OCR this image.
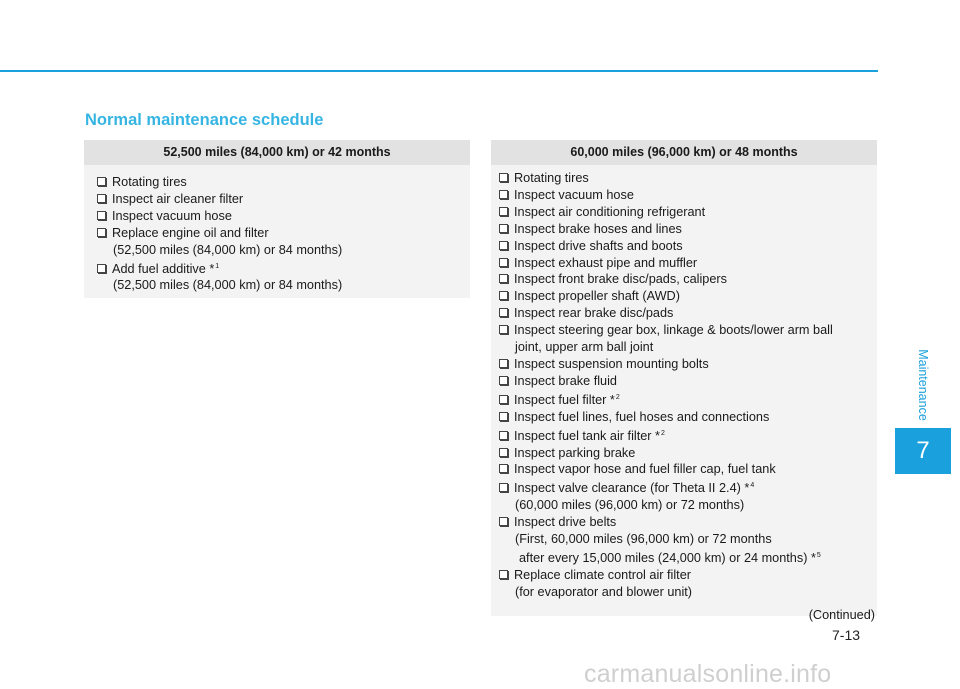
Normal maintenance schedule
52,500 miles (84,000 km) or 42 months
Rotating tires
Inspect air cleaner filter
Inspect vacuum hose
Replace engine oil and filter
(52,500 miles (84,000 km) or 84 months)
Add fuel additive *$^1$
(52,500 miles (84,000 km) or 84 months)
60,000 miles (96,000 km) or 48 months
Rotating tires
Inspect vacuum hose
Inspect air conditioning refrigerant
Inspect brake hoses and lines
Inspect drive shafts and boots
Inspect exhaust pipe and muffler
Inspect front brake disc/pads, calipers
Inspect propeller shaft (AWD)
Inspect rear brake disc/pads
Inspect steering gear box, linkage & boots/lower arm ball
joint, upper arm ball joint
Inspect suspension mounting bolts
Inspect brake fluid
Inspect fuel filter *$^2$
Inspect fuel lines, fuel hoses and connections
Inspect fuel tank air filter *$^2$
Inspect parking brake
Inspect vapor hose and fuel filler cap, fuel tank
Inspect valve clearance (for Theta II 2.4) *$^4$
(60,000 miles (96,000 km) or 72 months)
Inspect drive belts
(First, 60,000 miles (96,000 km) or 72 months
after every 15,000 miles (24,000 km) or 24 months) *$^5$
Replace climate control air filter
(for evaporator and blower unit)
(Continued)
Maintenance
7
7-13
carmanualsonline.info
